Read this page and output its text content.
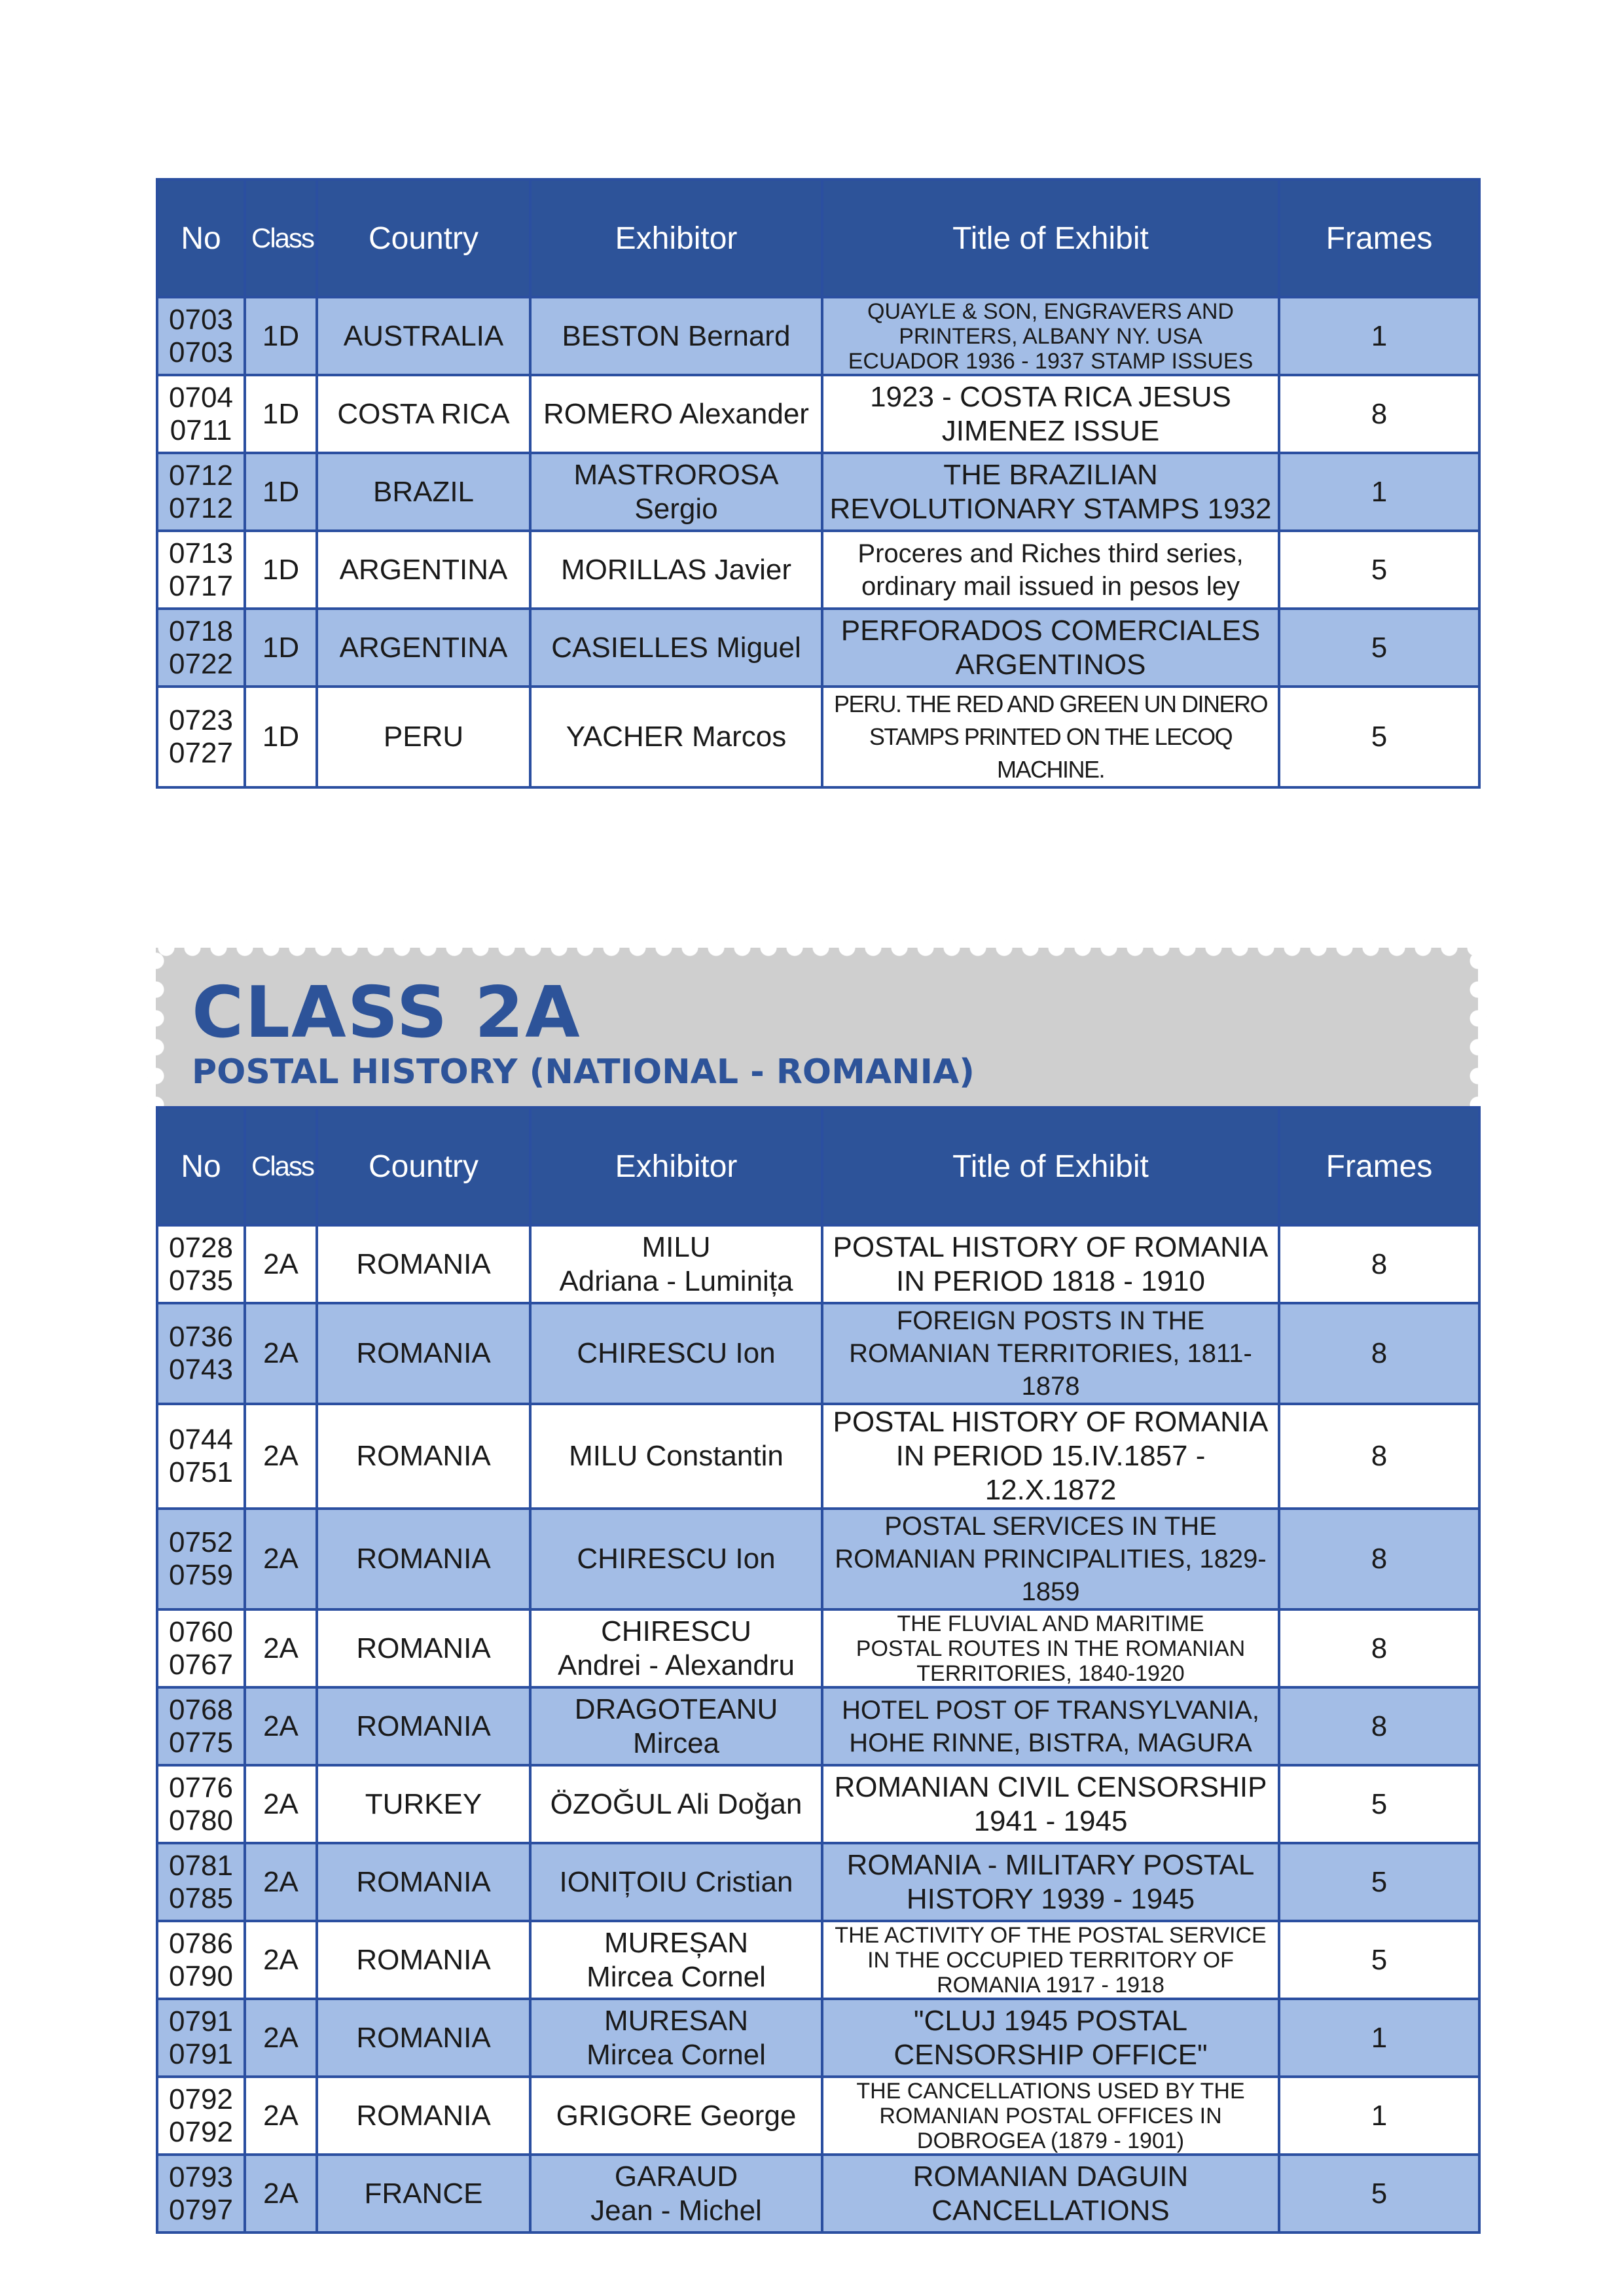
No	Class	Country	Exhibitor	Title of Exhibit	Frames

0703
0703	1D	AUSTRALIA	BESTON Bernard	QUAYLE & SON, ENGRAVERS AND
PRINTERS, ALBANY NY. USA
ECUADOR 1936 - 1937 STAMP ISSUES	1

0704
0711	1D	COSTA RICA	ROMERO Alexander	1923 - COSTA RICA JESUS
JIMENEZ ISSUE	8

0712
0712	1D	BRAZIL	MASTROROSA
Sergio	THE BRAZILIAN
REVOLUTIONARY STAMPS 1932	1

0713
0717	1D	ARGENTINA	MORILLAS Javier	Proceres and Riches third series,
ordinary mail issued in pesos ley	5

0718
0722	1D	ARGENTINA	CASIELLES Miguel	PERFORADOS COMERCIALES
ARGENTINOS	5

0723
0727	1D	PERU	YACHER Marcos	PERU. THE RED AND GREEN UN DINERO
STAMPS PRINTED ON THE LECOQ MACHINE.	5
CLASS 2A
POSTAL HISTORY (NATIONAL - ROMANIA)
No	Class	Country	Exhibitor	Title of Exhibit	Frames

0728
0735	2A	ROMANIA	MILU
Adriana - Luminița	POSTAL HISTORY OF ROMANIA
IN PERIOD 1818 - 1910	8

0736
0743	2A	ROMANIA	CHIRESCU Ion	FOREIGN POSTS IN THE
ROMANIAN TERRITORIES, 1811-1878	8

0744
0751	2A	ROMANIA	MILU Constantin	POSTAL HISTORY OF ROMANIA
IN PERIOD 15.IV.1857 - 12.X.1872	8

0752
0759	2A	ROMANIA	CHIRESCU Ion	POSTAL SERVICES IN THE
ROMANIAN PRINCIPALITIES, 1829-1859	8

0760
0767	2A	ROMANIA	CHIRESCU
Andrei - Alexandru	THE FLUVIAL AND MARITIME
POSTAL ROUTES IN THE ROMANIAN
TERRITORIES, 1840-1920	8

0768
0775	2A	ROMANIA	DRAGOTEANU
Mircea	HOTEL POST OF TRANSYLVANIA,
HOHE RINNE, BISTRA, MAGURA	8

0776
0780	2A	TURKEY	ÖZOĞUL Ali Doğan	ROMANIAN CIVIL CENSORSHIP
1941 - 1945	5

0781
0785	2A	ROMANIA	IONIȚOIU Cristian	ROMANIA - MILITARY POSTAL
HISTORY 1939 - 1945	5

0786
0790	2A	ROMANIA	MUREȘAN
Mircea Cornel	THE ACTIVITY OF THE POSTAL SERVICE
IN THE OCCUPIED TERRITORY OF
ROMANIA 1917 - 1918	5

0791
0791	2A	ROMANIA	MURESAN
Mircea Cornel	"CLUJ 1945 POSTAL
CENSORSHIP OFFICE"	1

0792
0792	2A	ROMANIA	GRIGORE George	THE CANCELLATIONS USED BY THE
ROMANIAN POSTAL OFFICES IN
DOBROGEA (1879 - 1901)	1

0793
0797	2A	FRANCE	GARAUD
Jean - Michel	ROMANIAN DAGUIN
CANCELLATIONS	5
